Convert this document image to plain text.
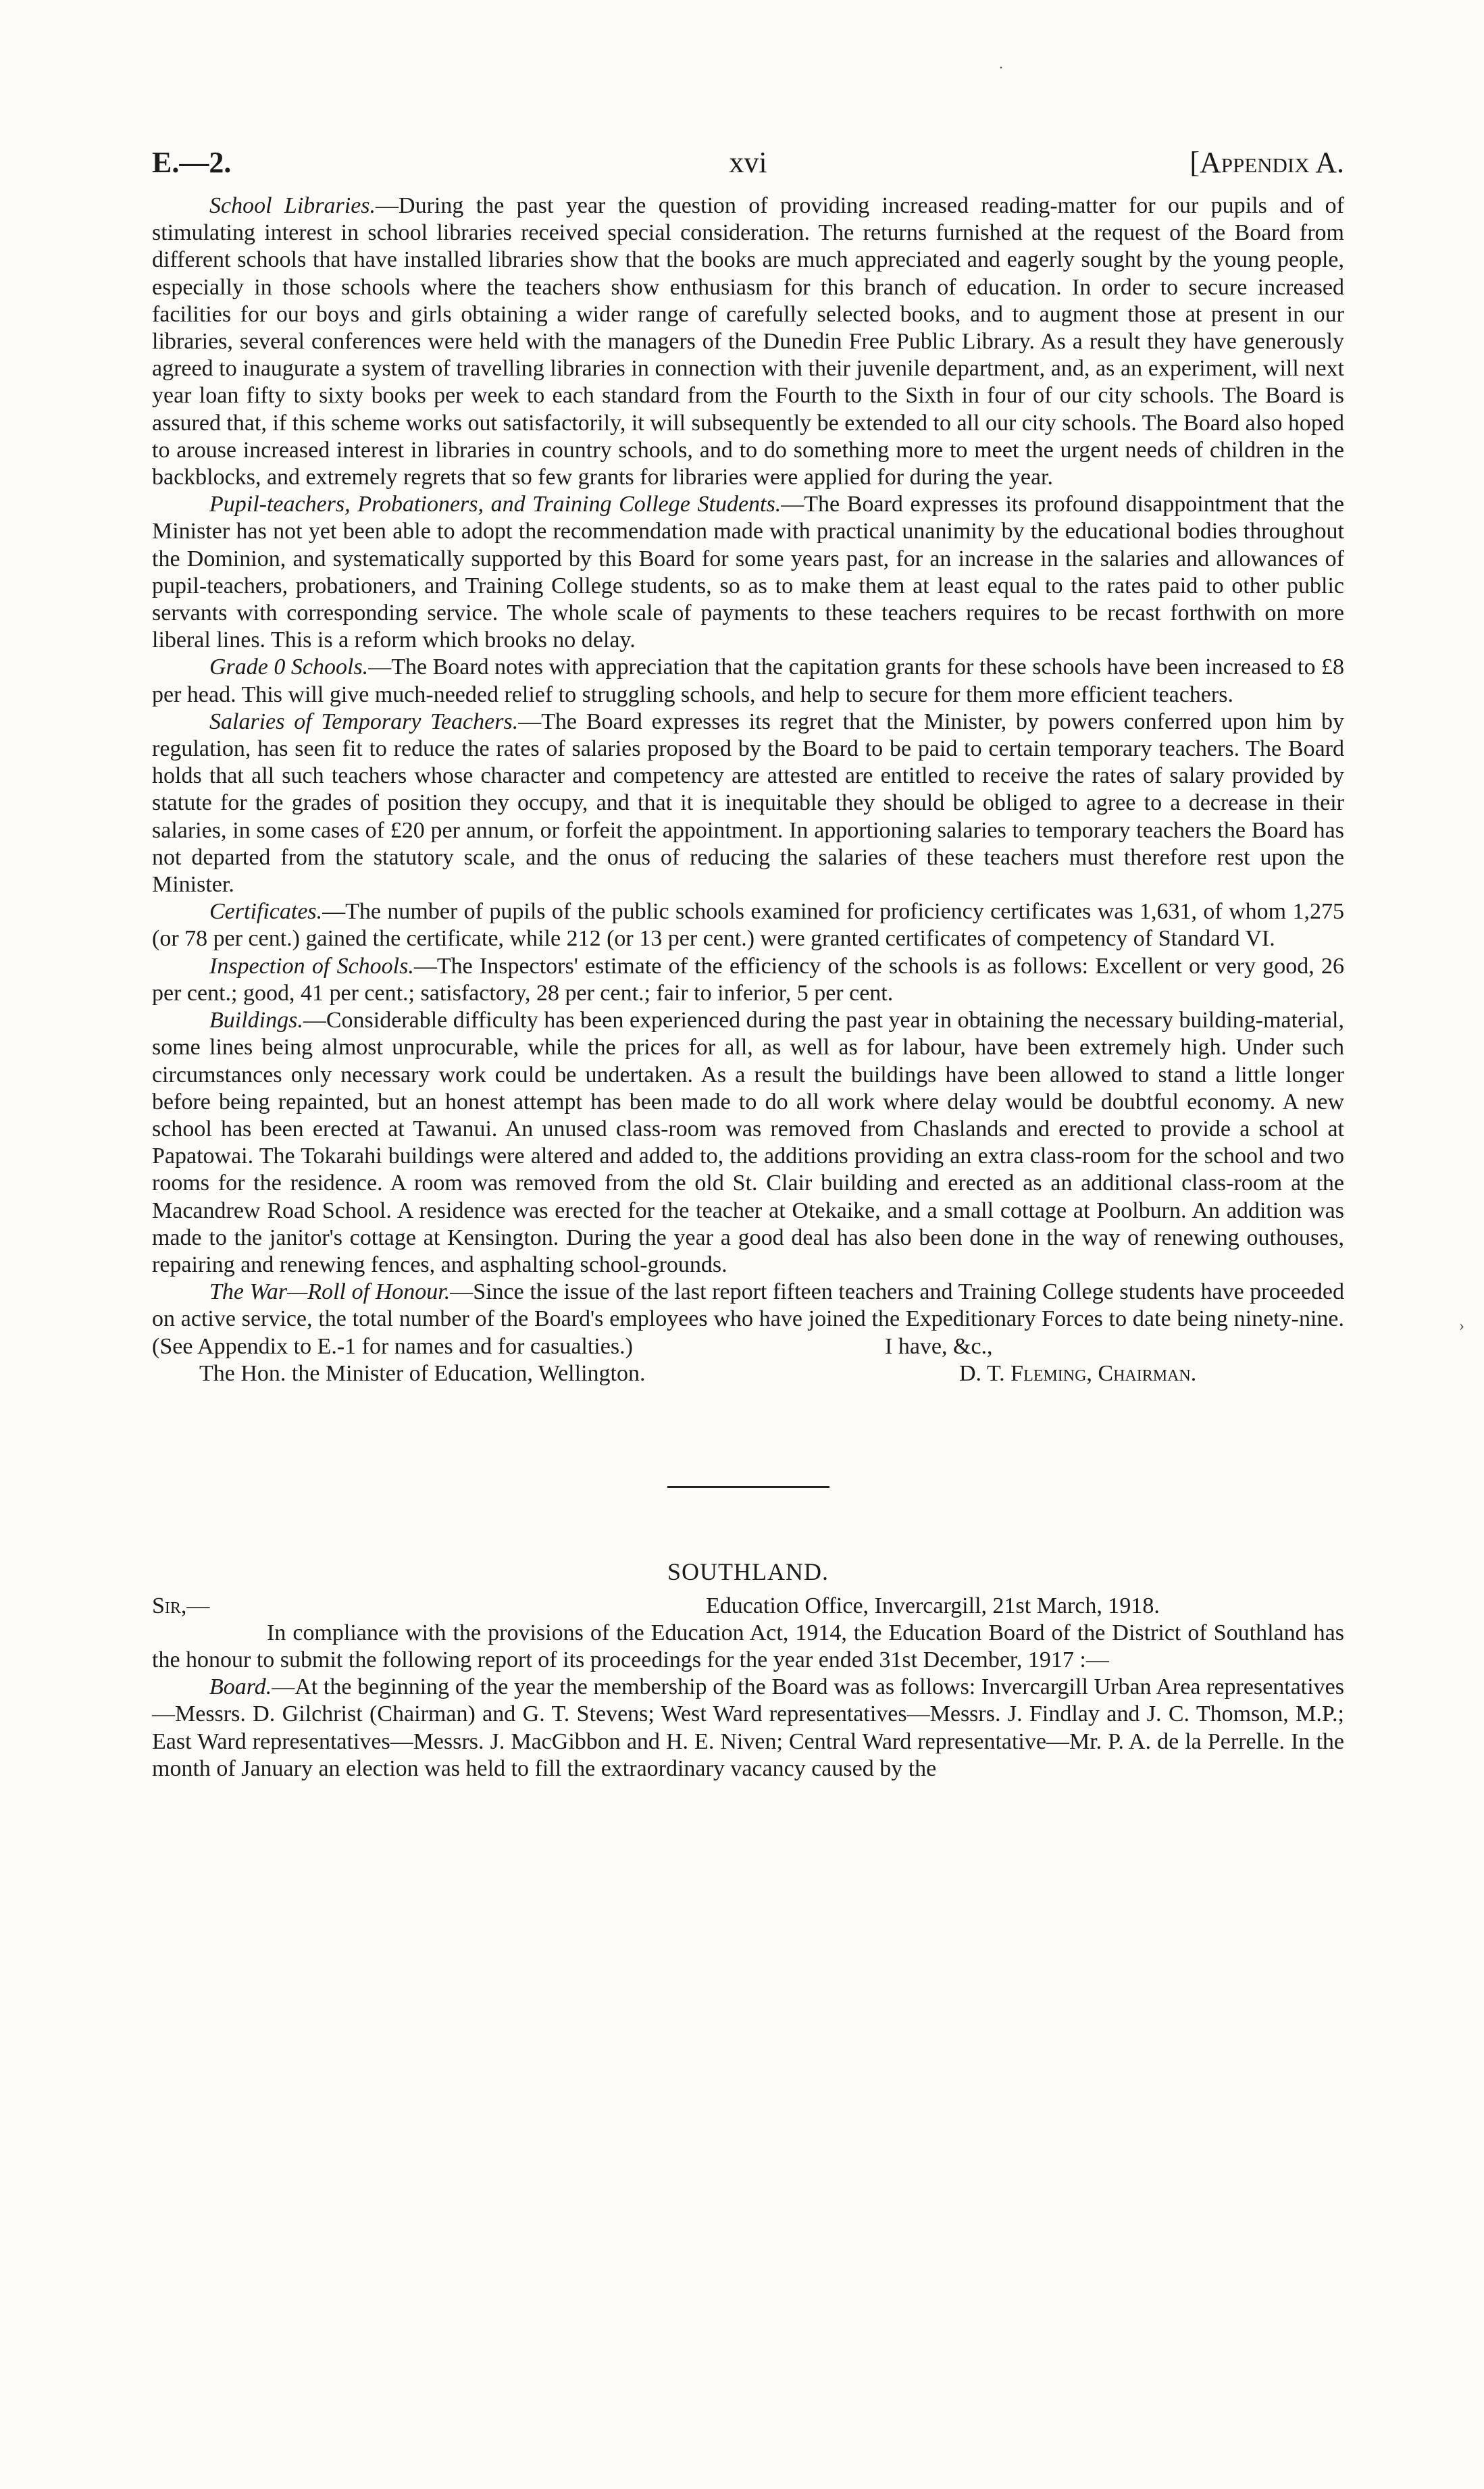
·
›
E.—2.	xvi	[Appendix A.

School Libraries.—During the past year the question of providing increased reading-matter for our pupils and of stimulating interest in school libraries received special consideration. The returns furnished at the request of the Board from different schools that have installed libraries show that the books are much appreciated and eagerly sought by the young people, especially in those schools where the teachers show enthusiasm for this branch of education. In order to secure increased facilities for our boys and girls obtaining a wider range of carefully selected books, and to augment those at present in our libraries, several conferences were held with the managers of the Dunedin Free Public Library. As a result they have generously agreed to inaugurate a system of travelling libraries in connection with their juvenile department, and, as an experiment, will next year loan fifty to sixty books per week to each standard from the Fourth to the Sixth in four of our city schools. The Board is assured that, if this scheme works out satisfactorily, it will subsequently be extended to all our city schools. The Board also hoped to arouse increased interest in libraries in country schools, and to do something more to meet the urgent needs of children in the backblocks, and extremely regrets that so few grants for libraries were applied for during the year.

Pupil-teachers, Probationers, and Training College Students.—The Board expresses its profound disappointment that the Minister has not yet been able to adopt the recommendation made with practical unanimity by the educational bodies throughout the Dominion, and systematically supported by this Board for some years past, for an increase in the salaries and allowances of pupil-teachers, probationers, and Training College students, so as to make them at least equal to the rates paid to other public servants with corresponding service. The whole scale of payments to these teachers requires to be recast forthwith on more liberal lines. This is a reform which brooks no delay.

Grade 0 Schools.—The Board notes with appreciation that the capitation grants for these schools have been increased to £8 per head. This will give much-needed relief to struggling schools, and help to secure for them more efficient teachers.

Salaries of Temporary Teachers.—The Board expresses its regret that the Minister, by powers conferred upon him by regulation, has seen fit to reduce the rates of salaries proposed by the Board to be paid to certain temporary teachers. The Board holds that all such teachers whose character and competency are attested are entitled to receive the rates of salary provided by statute for the grades of position they occupy, and that it is inequitable they should be obliged to agree to a decrease in their salaries, in some cases of £20 per annum, or forfeit the appointment. In apportioning salaries to temporary teachers the Board has not departed from the statutory scale, and the onus of reducing the salaries of these teachers must therefore rest upon the Minister.

Certificates.—The number of pupils of the public schools examined for proficiency certificates was 1,631, of whom 1,275 (or 78 per cent.) gained the certificate, while 212 (or 13 per cent.) were granted certificates of competency of Standard VI.

Inspection of Schools.—The Inspectors' estimate of the efficiency of the schools is as follows: Excellent or very good, 26 per cent.; good, 41 per cent.; satisfactory, 28 per cent.; fair to inferior, 5 per cent.

Buildings.—Considerable difficulty has been experienced during the past year in obtaining the necessary building-material, some lines being almost unprocurable, while the prices for all, as well as for labour, have been extremely high. Under such circumstances only necessary work could be undertaken. As a result the buildings have been allowed to stand a little longer before being repainted, but an honest attempt has been made to do all work where delay would be doubtful economy. A new school has been erected at Tawanui. An unused class-room was removed from Chaslands and erected to provide a school at Papatowai. The Tokarahi buildings were altered and added to, the additions providing an extra class-room for the school and two rooms for the residence. A room was removed from the old St. Clair building and erected as an additional class-room at the Macandrew Road School. A residence was erected for the teacher at Otekaike, and a small cottage at Poolburn. An addition was made to the janitor's cottage at Kensington. During the year a good deal has also been done in the way of renewing outhouses, repairing and renewing fences, and asphalting school-grounds.

The War—Roll of Honour.—Since the issue of the last report fifteen teachers and Training College students have proceeded on active service, the total number of the Board's employees who have joined the Expeditionary Forces to date being ninety-nine. (See Appendix to E.-1 for names and for casualties.)	I have, &c.,
The Hon. the Minister of Education, Wellington.	D. T. Fleming, Chairman.
SOUTHLAND.
Sir,—	Education Office, Invercargill, 21st March, 1918.

In compliance with the provisions of the Education Act, 1914, the Education Board of the District of Southland has the honour to submit the following report of its proceedings for the year ended 31st December, 1917 :—

Board.—At the beginning of the year the membership of the Board was as follows: Invercargill Urban Area representatives—Messrs. D. Gilchrist (Chairman) and G. T. Stevens; West Ward representatives—Messrs. J. Findlay and J. C. Thomson, M.P.; East Ward representatives—Messrs. J. MacGibbon and H. E. Niven; Central Ward representative—Mr. P. A. de la Perrelle. In the month of January an election was held to fill the extraordinary vacancy caused by the
